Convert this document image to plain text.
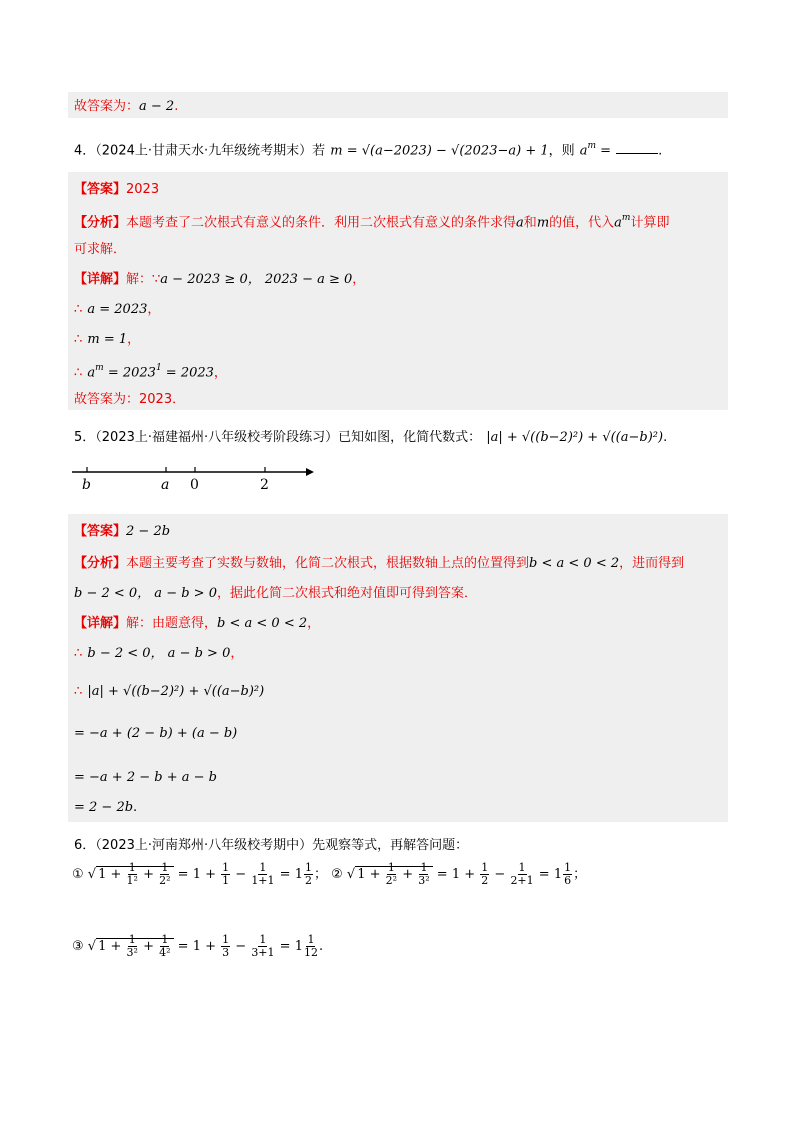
故答案为：a − 2.
4．（2024上·甘肃天水·九年级统考期末）若 m = √(a−2023) − √(2023−a) + 1，则 $a^m$ =	.
【答案】2023
【分析】本题考查了二次根式有意义的条件．利用二次根式有意义的条件求得a和m的值，代入$a^m$计算即
可求解．
【详解】解：∵a − 2023 ≥ 0， 2023 − a ≥ 0，
∴ a = 2023，
∴ m = 1，
∴ $a^m = 2023^1 = 2023$，
故答案为：2023．
5．（2023上·福建福州·八年级校考阶段练习）已知如图，化简代数式： |a| + √((b−2)²) + √((a−b)²).
b	a 0	2
【答案】2 − 2b
【分析】本题主要考查了实数与数轴，化简二次根式，根据数轴上点的位置得到b < a < 0 < 2，进而得到
b − 2 < 0， a − b > 0，据此化简二次根式和绝对值即可得到答案．
【详解】解：由题意得，b < a < 0 < 2，
∴ b − 2 < 0， a − b > 0，
∴ |a| + √((b−2)²) + √((a−b)²)
= −a + (2 − b) + (a − b)
= −a + 2 − b + a − b
= 2 − 2b.
6．（2023上·河南郑州·八年级校考期中）先观察等式，再解答问题：
① √ $1 + \frac{1}{\text{1²}} + \frac{1}{\text{2²}} = 1 + \frac{1}{1} - \frac{1}{1+1} = 1 \frac{1}{2}$ ； ② √ $1 + \frac{1}{\text{2²}} + \frac{1}{\text{3²}} = 1 + \frac{1}{2} - \frac{1}{2+1} = 1 \frac{1}{6}$ ；
③ √ $1 + \frac{1}{\text{3²}} + \frac{1}{\text{4²}} = 1 + \frac{1}{3} - \frac{1}{3+1} = 1 \frac{1}{12}$ .
